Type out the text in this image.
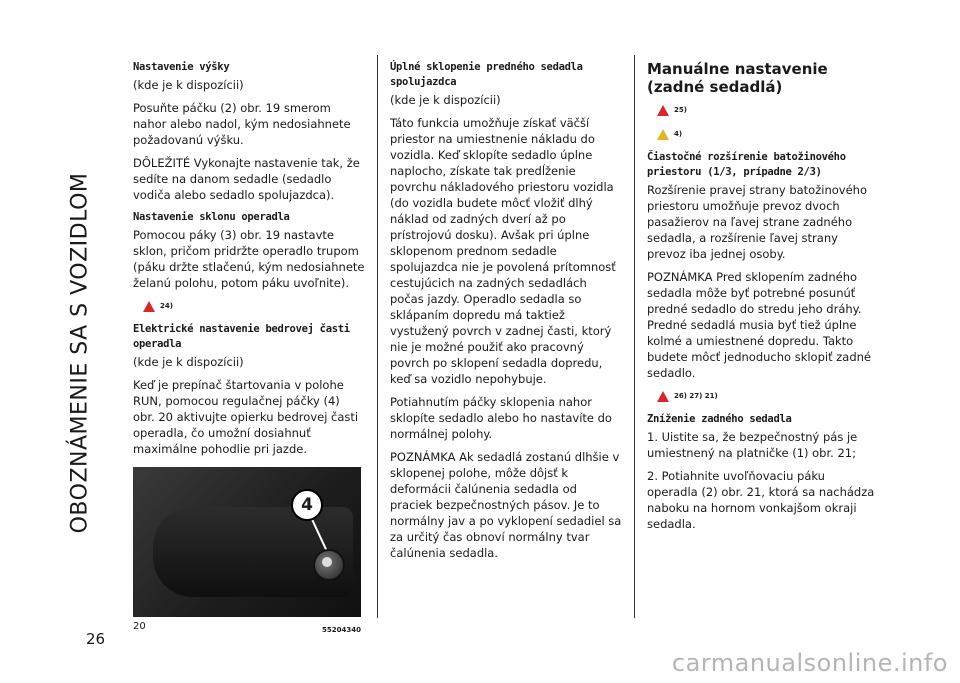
OBOZNÁMENIE SA S VOZIDLOM
26
Nastavenie výšky

(kde je k dispozícii)

Posuňte páčku (2) obr. 19 smerom nahor alebo nadol, kým nedosiahnete požadovanú výšku.

DÔLEŽITÉ Vykonajte nastavenie tak, že sedíte na danom sedadle (sedadlo vodiča alebo sedadlo spolujazdca).

Nastavenie sklonu operadla

Pomocou páky (3) obr. 19 nastavte sklon, pričom pridržte operadlo trupom (páku držte stlačenú, kým nedosiahnete želanú polohu, potom páku uvoľnite).

24)
Elektrické nastavenie bedrovej časti operadla

(kde je k dispozícii)

Keď je prepínač štartovania v polohe RUN, pomocou regulačnej páčky (4) obr. 20 aktivujte opierku bedrovej časti operadla, čo umožní dosiahnuť maximálne pohodlie pri jazde.

4
20	55204340
Úplné sklopenie predného sedadla spolujazdca

(kde je k dispozícii)

Táto funkcia umožňuje získať väčší priestor na umiestnenie nákladu do vozidla. Keď sklopíte sedadlo úplne naplocho, získate tak predĺženie povrchu nákladového priestoru vozidla (do vozidla budete môcť vložiť dlhý náklad od zadných dverí až po prístrojovú dosku). Avšak pri úplne sklopenom prednom sedadle spolujazdca nie je povolená prítomnosť cestujúcich na zadných sedadlách počas jazdy. Operadlo sedadla so sklápaním dopredu má taktiež vystužený povrch v zadnej časti, ktorý nie je možné použiť ako pracovný povrch po sklopení sedadla dopredu, keď sa vozidlo nepohybuje.

Potiahnutím páčky sklopenia nahor sklopíte sedadlo alebo ho nastavíte do normálnej polohy.

POZNÁMKA Ak sedadlá zostanú dlhšie v sklopenej polohe, môže dôjsť k deformácii čalúnenia sedadla od praciek bezpečnostných pásov. Je to normálny jav a po vyklopení sedadiel sa za určitý čas obnoví normálny tvar čalúnenia sedadla.

Manuálne nastavenie (zadné sedadlá)
25)
4)
Čiastočné rozšírenie batožinového priestoru (1/3, prípadne 2/3)

Rozšírenie pravej strany batožinového priestoru umožňuje prevoz dvoch pasažierov na ľavej strane zadného sedadla, a rozšírenie ľavej strany prevoz iba jednej osoby.

POZNÁMKA Pred sklopením zadného sedadla môže byť potrebné posunúť predné sedadlo do stredu jeho dráhy. Predné sedadlá musia byť tiež úplne kolmé a umiestnené dopredu. Takto budete môcť jednoducho sklopiť zadné sedadlo.

26) 27) 21)
Zníženie zadného sedadla

1. Uistite sa, že bezpečnostný pás je umiestnený na platničke (1) obr. 21;

2. Potiahnite uvoľňovaciu páku operadla (2) obr. 21, ktorá sa nachádza naboku na hornom vonkajšom okraji sedadla.

carmanualsonline.info
